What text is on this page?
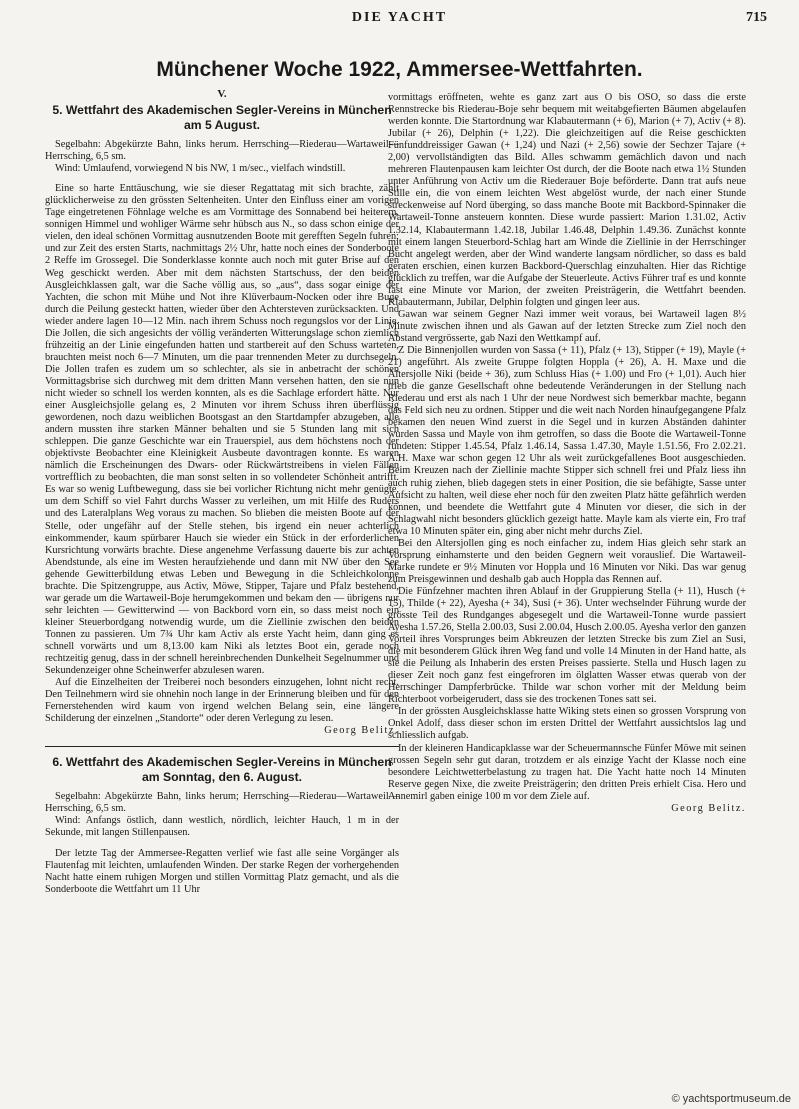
DIE YACHT	715
Münchener Woche 1922, Ammersee-Wettfahrten.
V.
5. Wettfahrt des Akademischen Segler-Vereins in München am 5 August.

Segelbahn: Abgekürzte Bahn, links herum. Herrsching—Riederau—Wartaweil—Herrsching, 6,5 sm.

Wind: Umlaufend, vorwiegend N bis NW, 1 m/sec., vielfach windstill.

Eine so harte Enttäuschung, wie sie dieser Regattatag mit sich brachte, zählt glücklicherweise zu den grössten Seltenheiten. Unter den Einfluss einer am vorigen Tage eingetretenen Föhnlage welche es am Vormittage des Sonnabend bei heiterem, sonnigen Himmel und wohliger Wärme sehr hübsch aus N., so dass schon einige der vielen, den ideal schönen Vormittag ausnutzenden Boote mit gerefften Segeln fuhren; und zur Zeit des ersten Starts, nachmittags 2½ Uhr, hatte noch eines der Sonderboote 2 Reffe im Grossegel. Die Sonderklasse konnte auch noch mit guter Brise auf den Weg geschickt werden. Aber mit dem nächsten Startschuss, der den beiden Ausgleichklassen galt, war die Sache völlig aus, so „aus“, dass sogar einige der Yachten, die schon mit Mühe und Not ihre Klüverbaum-Nocken oder ihre Buge durch die Peilung gesteckt hatten, wieder über den Achtersteven zurücksackten. Und wieder andere lagen 10—12 Min. nach ihrem Schuss noch regungslos vor der Linie. Die Jollen, die sich angesichts der völlig veränderten Witterungslage schon ziemlich frühzeitig an der Linie eingefunden hatten und startbereit auf den Schuss warteten, brauchten meist noch 6—7 Minuten, um die paar trennenden Meter zu durchsegeln. Die Jollen trafen es zudem um so schlechter, als sie in anbetracht der schönen Vormittagsbrise sich durchweg mit dem dritten Mann versehen hatten, den sie nun nicht wieder so schnell los werden konnten, als es die Sachlage erfordert hätte. Nur einer Ausgleichsjolle gelang es, 2 Minuten vor ihrem Schuss ihren überflüssig gewordenen, noch dazu weiblichen Bootsgast an den Startdampfer abzugeben, alle andern mussten ihre starken Männer behalten und sie 5 Stunden lang mit sich schleppen. Die ganze Geschichte war ein Trauerspiel, aus dem höchstens noch der objektivste Beobachter eine Kleinigkeit Ausbeute davontragen konnte. Es waren nämlich die Erscheinungen des Dwars- oder Rückwärtstreibens in vielen Fällen vortrefflich zu beobachten, die man sonst selten in so vollendeter Schönheit antrifft. Es war so wenig Luftbewegung, dass sie bei vorlicher Richtung nicht mehr genügte, um dem Schiff so viel Fahrt durchs Wasser zu verleihen, um mit Hilfe des Ruders und des Lateralplans Weg voraus zu machen. So blieben die meisten Boote auf der Stelle, oder ungefähr auf der Stelle stehen, bis irgend ein neuer achterlich einkommender, kaum spürbarer Hauch sie wieder ein Stück in der erforderlichen Kursrichtung vorwärts brachte. Diese angenehme Verfassung dauerte bis zur achten Abendstunde, als eine im Westen heraufziehende und dann mit NW über den See gehende Gewitterbildung etwas Leben und Bewegung in die Schleichkolonne brachte. Die Spitzengruppe, aus Activ, Möwe, Stipper, Tajare und Pfalz bestehend, war gerade um die Wartaweil-Boje herumgekommen und bekam den — übrigens nur sehr leichten — Gewitterwind — von Backbord vorn ein, so dass meist noch ein kleiner Steuerbordgang notwendig wurde, um die Ziellinie zwischen den beiden Tonnen zu passieren. Um 7¾ Uhr kam Activ als erste Yacht heim, dann ging es schnell vorwärts und um 8,13.00 kam Niki als letztes Boot ein, gerade noch rechtzeitig genug, dass in der schnell hereinbrechenden Dunkelheit Segelnummer und Sekundenzeiger ohne Scheinwerfer abzulesen waren.

Auf die Einzelheiten der Treiberei noch besonders einzugehen, lohnt nicht recht. Den Teilnehmern wird sie ohnehin noch lange in der Erinnerung bleiben und für den Fernerstehenden wird kaum von irgend welchen Belang sein, eine längere Schilderung der einzelnen „Standorte“ oder deren Verlegung zu lesen.

Georg Belitz.
6. Wettfahrt des Akademischen Segler-Vereins in München am Sonntag, den 6. August.

Segelbahn: Abgekürzte Bahn, links herum; Herrsching—Riederau—Wartaweil—Herrsching, 6,5 sm.

Wind: Anfangs östlich, dann westlich, nördlich, leichter Hauch, 1 m in der Sekunde, mit langen Stillenpausen.

Der letzte Tag der Ammersee-Regatten verlief wie fast alle seine Vorgänger als Flautenfag mit leichten, umlaufenden Winden. Der starke Regen der vorhergehenden Nacht hatte einem ruhigen Morgen und stillen Vormittag Platz gemacht, und als die Sonderboote die Wettfahrt um 11 Uhr

vormittags eröffneten, wehte es ganz zart aus O bis OSO, so dass die erste Rennstrecke bis Riederau-Boje sehr bequem mit weitabgefierten Bäumen abgelaufen werden konnte. Die Startordnung war Klabautermann (+ 6), Marion (+ 7), Activ (+ 8). Jubilar (+ 26), Delphin (+ 1,22). Die gleichzeitigen auf die Reise geschickten Fünfunddreissiger Gawan (+ 1,24) und Nazi (+ 2,56) sowie der Sechzer Tajare (+ 2,00) vervollständigten das Bild. Alles schwamm gemächlich davon und nach mehreren Flautenpausen kam leichter Ost durch, der die Boote nach etwa 1½ Stunden unter Anführung von Activ um die Riederauer Boje beförderte. Dann trat aufs neue Stille ein, die von einem leichten West abgelöst wurde, der nach einer Stunde streckenweise auf Nord überging, so dass manche Boote mit Backbord-Spinnaker die Wartaweil-Tonne ansteuern konnten. Diese wurde passiert: Marion 1.31.02, Activ 1.32.14, Klabautermann 1.42.18, Jubilar 1.46.48, Delphin 1.49.36. Zunächst konnte mit einem langen Steuerbord-Schlag hart am Winde die Ziellinie in der Herrschinger Bucht angelegt werden, aber der Wind wanderte langsam nördlicher, so dass es bald geraten erschien, einen kurzen Backbord-Querschlag einzuhalten. Hier das Richtige glücklich zu treffen, war die Aufgabe der Steuerleute. Activs Führer traf es und konnte fast eine Minute vor Marion, der zweiten Preisträgerin, die Wettfahrt beenden. Klabautermann, Jubilar, Delphin folgten und gingen leer aus.

Gawan war seinem Gegner Nazi immer weit voraus, bei Wartaweil lagen 8½ Minute zwischen ihnen und als Gawan auf der letzten Strecke zum Ziel noch den Abstand vergrösserte, gab Nazi den Wettkampf auf.

Z Die Binnenjollen wurden von Sassa (+ 11), Pfalz (+ 13), Stipper (+ 19), Mayle (+ 21) angeführt. Als zweite Gruppe folgten Hoppla (+ 26), A. H. Maxe und die Altersjolle Niki (beide + 36), zum Schluss Hias (+ 1.00) und Fro (+ 1,01). Auch hier trieb die ganze Gesellschaft ohne bedeutende Veränderungen in der Stellung nach Riederau und erst als nach 1 Uhr der neue Nordwest sich bemerkbar machte, begann das Feld sich neu zu ordnen. Stipper und die weit nach Norden hinaufgegangene Pfalz bekamen den neuen Wind zuerst in die Segel und in kurzen Abständen dahinter wurden Sassa und Mayle von ihm getroffen, so dass die Boote die Wartaweil-Tonne rundeten: Stipper 1.45.54, Pfalz 1.46.14, Sassa 1.47.30, Mayle 1.51.56, Fro 2.02.21. A.H. Maxe war schon gegen 12 Uhr als weit zurückgefallenes Boot ausgeschieden. Beim Kreuzen nach der Ziellinie machte Stipper sich schnell frei und Pfalz liess ihn auch ruhig ziehen, blieb dagegen stets in einer Position, die sie befähigte, Sasse unter Aufsicht zu halten, weil diese eher noch für den zweiten Platz hätte gefährlich werden können, und beendete die Wettfahrt gute 4 Minuten vor dieser, die sich in der Schlagwahl nicht besonders glücklich gezeigt hatte. Mayle kam als vierte ein, Fro traf etwa 10 Minuten später ein, ging aber nicht mehr durchs Ziel.

Bei den Altersjollen ging es noch einfacher zu, indem Hias gleich sehr stark an Vorsprung einhamsterte und den beiden Gegnern weit vorauslief. Die Wartaweil-Marke rundete er 9½ Minuten vor Hoppla und 16 Minuten vor Niki. Das war genug zum Preisgewinnen und deshalb gab auch Hoppla das Rennen auf.

Die Fünfzehner machten ihren Ablauf in der Gruppierung Stella (+ 11), Husch (+ 15), Thilde (+ 22), Ayesha (+ 34), Susi (+ 36). Unter wechselnder Führung wurde der grösste Teil des Rundganges abgesegelt und die Wartaweil-Tonne wurde passiert Ayesha 1.57.26, Stella 2.00.03, Susi 2.00.04, Husch 2.00.05. Ayesha verlor den ganzen Vorteil ihres Vorsprunges beim Abkreuzen der letzten Strecke bis zum Ziel an Susi, die mit besonderem Glück ihren Weg fand und volle 14 Minuten in der Hand hatte, als sie die Peilung als Inhaberin des ersten Preises passierte. Stella und Husch lagen zu dieser Zeit noch ganz fest eingefroren im ölglatten Wasser etwas querab von der Herrschinger Dampferbrücke. Thilde war schon vorher mit der Meldung beim Richterboot vorbeigerudert, dass sie des trockenen Tones satt sei.

In der grössten Ausgleichsklasse hatte Wiking stets einen so grossen Vorsprung von Onkel Adolf, dass dieser schon im ersten Drittel der Wettfahrt aussichtslos lag und schliesslich aufgab.

In der kleineren Handicapklasse war der Scheuermannsche Fünfer Möwe mit seinen grossen Segeln sehr gut daran, trotzdem er als einzige Yacht der Klasse noch eine besondere Leichtwetterbelastung zu tragen hat. Die Yacht hatte noch 14 Minuten Reserve gegen Nixe, die zweite Preisträgerin; den dritten Preis erhielt Cisa. Hero und Annemirl gaben einige 100 m vor dem Ziele auf.

Georg Belitz.
© yachtsportmuseum.de
